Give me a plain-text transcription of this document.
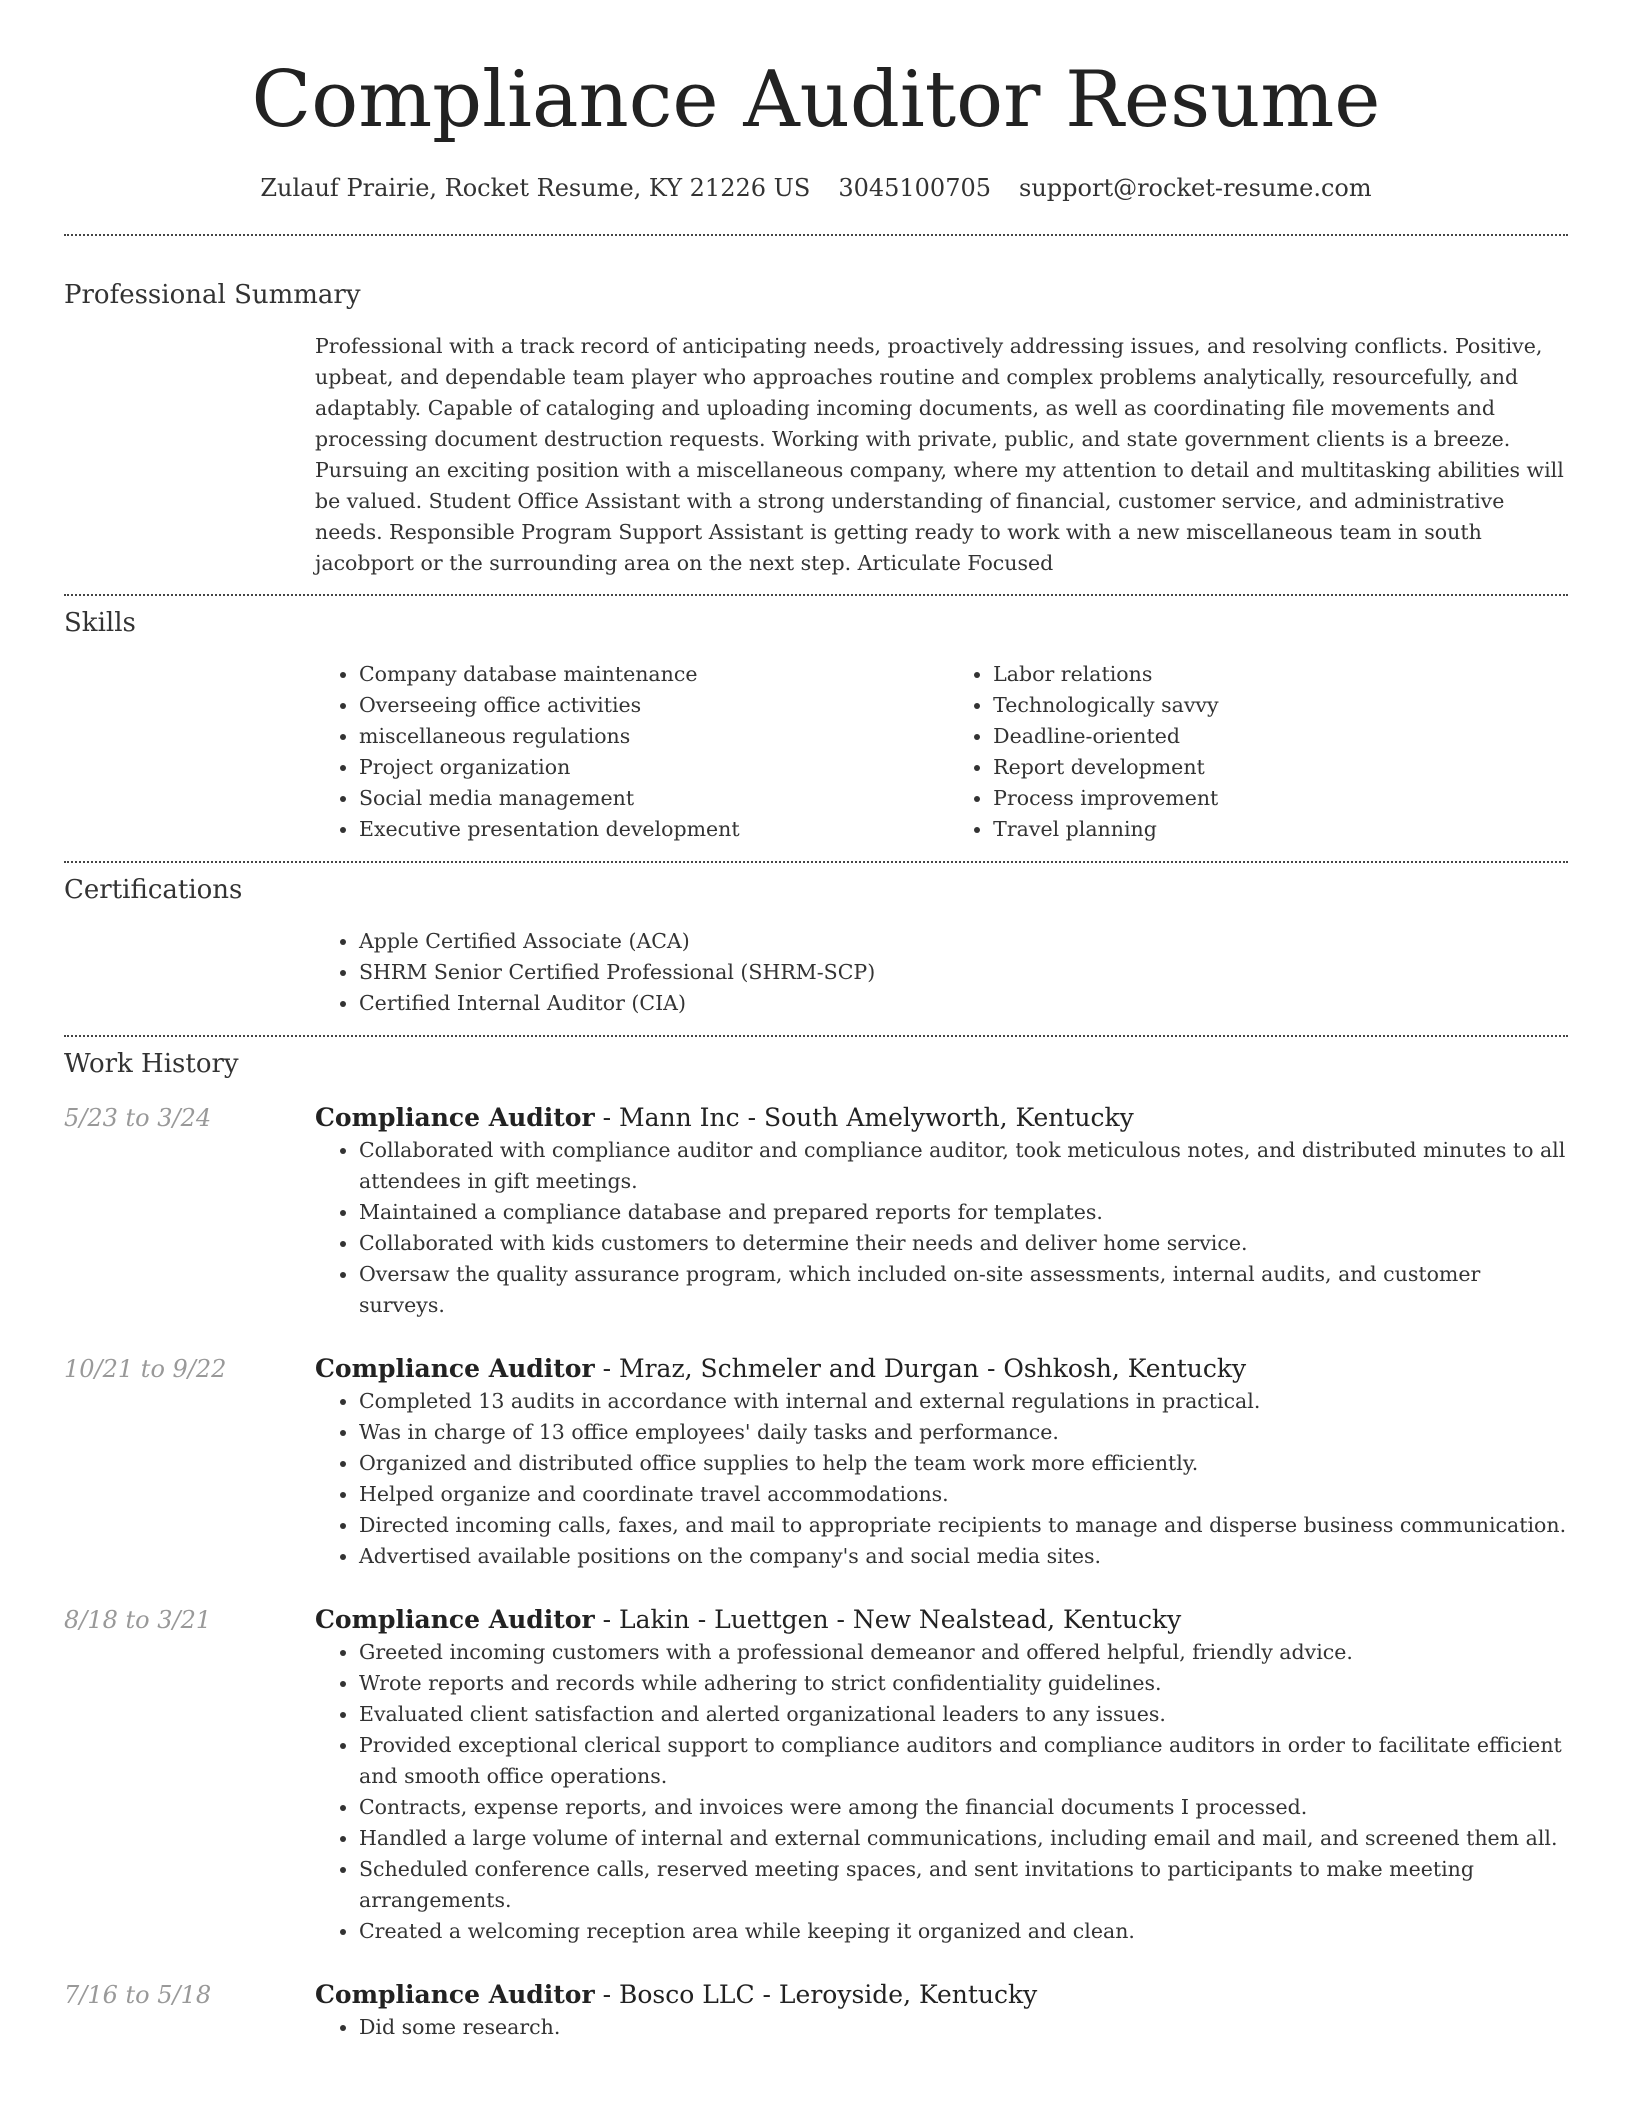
Compliance Auditor Resume
Zulauf Prairie, Rocket Resume, KY 21226 US 3045100705 support@rocket-resume.com
Professional Summary

Professional with a track record of anticipating needs, proactively addressing issues, and resolving conflicts. Positive, upbeat, and dependable team player who approaches routine and complex problems analytically, resourcefully, and adaptably. Capable of cataloging and uploading incoming documents, as well as coordinating file movements and processing document destruction requests. Working with private, public, and state government clients is a breeze. Pursuing an exciting position with a miscellaneous company, where my attention to detail and multitasking abilities will be valued. Student Office Assistant with a strong understanding of financial, customer service, and administrative needs. Responsible Program Support Assistant is getting ready to work with a new miscellaneous team in south jacobport or the surrounding area on the next step. Articulate Focused

Skills
• Company database maintenance
• Overseeing office activities
• miscellaneous regulations
• Project organization
• Social media management
• Executive presentation development
• Labor relations
• Technologically savvy
• Deadline-oriented
• Report development
• Process improvement
• Travel planning
Certifications
• Apple Certified Associate (ACA)
• SHRM Senior Certified Professional (SHRM-SCP)
• Certified Internal Auditor (CIA)
Work History
5/23 to 3/24	Compliance Auditor - Mann Inc - South Amelyworth, Kentucky
• Collaborated with compliance auditor and compliance auditor, took meticulous notes, and distributed minutes to all attendees in gift meetings.
• Maintained a compliance database and prepared reports for templates.
• Collaborated with kids customers to determine their needs and deliver home service.
• Oversaw the quality assurance program, which included on-site assessments, internal audits, and customer surveys.
10/21 to 9/22	Compliance Auditor - Mraz, Schmeler and Durgan - Oshkosh, Kentucky
• Completed 13 audits in accordance with internal and external regulations in practical.
• Was in charge of 13 office employees' daily tasks and performance.
• Organized and distributed office supplies to help the team work more efficiently.
• Helped organize and coordinate travel accommodations.
• Directed incoming calls, faxes, and mail to appropriate recipients to manage and disperse business communication.
• Advertised available positions on the company's and social media sites.
8/18 to 3/21	Compliance Auditor - Lakin - Luettgen - New Nealstead, Kentucky
• Greeted incoming customers with a professional demeanor and offered helpful, friendly advice.
• Wrote reports and records while adhering to strict confidentiality guidelines.
• Evaluated client satisfaction and alerted organizational leaders to any issues.
• Provided exceptional clerical support to compliance auditors and compliance auditors in order to facilitate efficient and smooth office operations.
• Contracts, expense reports, and invoices were among the financial documents I processed.
• Handled a large volume of internal and external communications, including email and mail, and screened them all.
• Scheduled conference calls, reserved meeting spaces, and sent invitations to participants to make meeting arrangements.
• Created a welcoming reception area while keeping it organized and clean.
7/16 to 5/18	Compliance Auditor - Bosco LLC - Leroyside, Kentucky
• Did some research.
